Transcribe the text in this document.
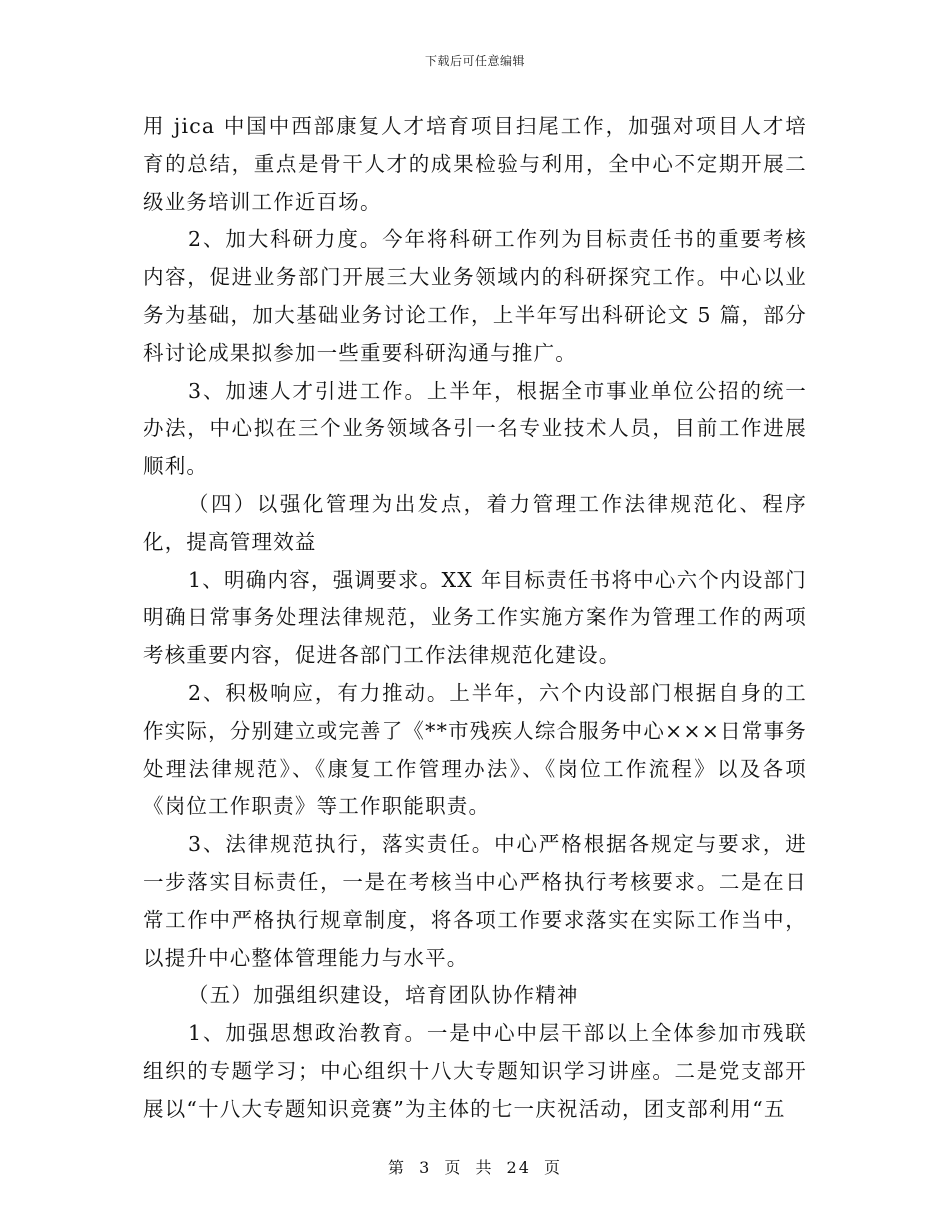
下载后可任意编辑

用 jica 中国中西部康复人才培育项目扫尾工作，加强对项目人才培育的总结，重点是骨干人才的成果检验与利用，全中心不定期开展二级业务培训工作近百场。

2、加大科研力度。今年将科研工作列为目标责任书的重要考核内容，促进业务部门开展三大业务领域内的科研探究工作。中心以业务为基础，加大基础业务讨论工作，上半年写出科研论文 5 篇，部分科讨论成果拟参加一些重要科研沟通与推广。

3、加速人才引进工作。上半年，根据全市事业单位公招的统一办法，中心拟在三个业务领域各引一名专业技术人员，目前工作进展顺利。

（四）以强化管理为出发点，着力管理工作法律规范化、程序化，提高管理效益

1、明确内容，强调要求。XX 年目标责任书将中心六个内设部门明确日常事务处理法律规范，业务工作实施方案作为管理工作的两项考核重要内容，促进各部门工作法律规范化建设。

2、积极响应，有力推动。上半年，六个内设部门根据自身的工作实际，分别建立或完善了《**市残疾人综合服务中心×××日常事务处理法律规范》、《康复工作管理办法》、《岗位工作流程》以及各项《岗位工作职责》等工作职能职责。

3、法律规范执行，落实责任。中心严格根据各规定与要求，进一步落实目标责任，一是在考核当中心严格执行考核要求。二是在日常工作中严格执行规章制度，将各项工作要求落实在实际工作当中，以提升中心整体管理能力与水平。

（五）加强组织建设，培育团队协作精神

1、加强思想政治教育。一是中心中层干部以上全体参加市残联组织的专题学习；中心组织十八大专题知识学习讲座。二是党支部开展以“十八大专题知识竞赛”为主体的七一庆祝活动，团支部利用“五

第 3 页 共 24 页
